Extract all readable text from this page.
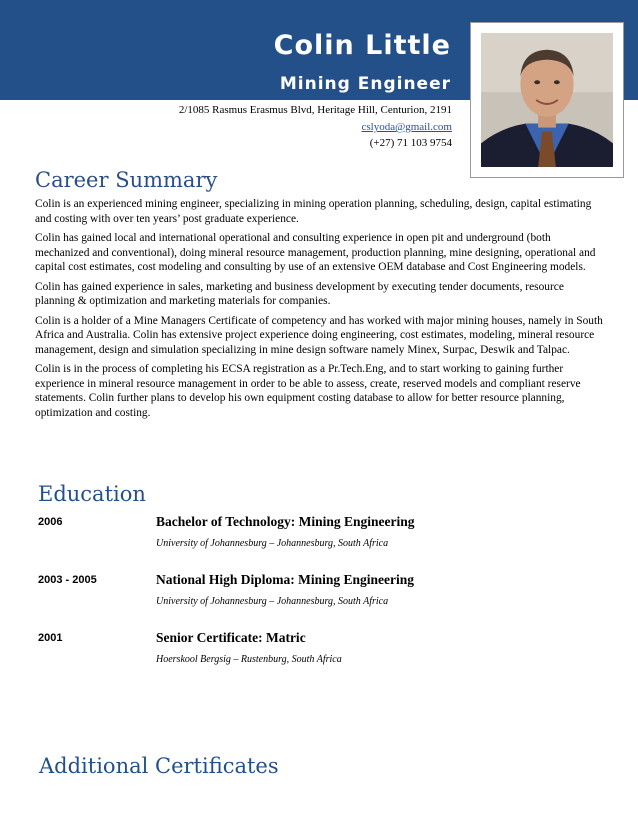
Colin Little
Mining Engineer
2/1085 Rasmus Erasmus Blvd, Heritage Hill, Centurion, 2191
cslyoda@gmail.com
(+27) 71 103 9754
Career Summary

Colin is an experienced mining engineer, specializing in mining operation planning, scheduling, design, capital estimating and costing with over ten years’ post graduate experience.

Colin has gained local and international operational and consulting experience in open pit and underground (both mechanized and conventional), doing mineral resource management, production planning, mine designing, operational and capital cost estimates, cost modeling and consulting by use of an extensive OEM database and Cost Engineering models.

Colin has gained experience in sales, marketing and business development by executing tender documents, resource planning & optimization and marketing materials for companies.

Colin is a holder of a Mine Managers Certificate of competency and has worked with major mining houses, namely in South Africa and Australia. Colin has extensive project experience doing engineering, cost estimates, modeling, mineral resource management, design and simulation specializing in mine design software namely Minex, Surpac, Deswik and Talpac.

Colin is in the process of completing his ECSA registration as a Pr.Tech.Eng, and to start working to gaining further experience in mineral resource management in order to be able to assess, create, reserved models and compliant reserve statements. Colin further plans to develop his own equipment costing database to allow for better resource planning, optimization and costing.

Education
2006	Bachelor of Technology: Mining Engineering
University of Johannesburg – Johannesburg, South Africa
2003 - 2005	National High Diploma: Mining Engineering
University of Johannesburg – Johannesburg, South Africa
2001	Senior Certificate: Matric
Hoerskool Bergsig – Rustenburg, South Africa
Additional Certificates
